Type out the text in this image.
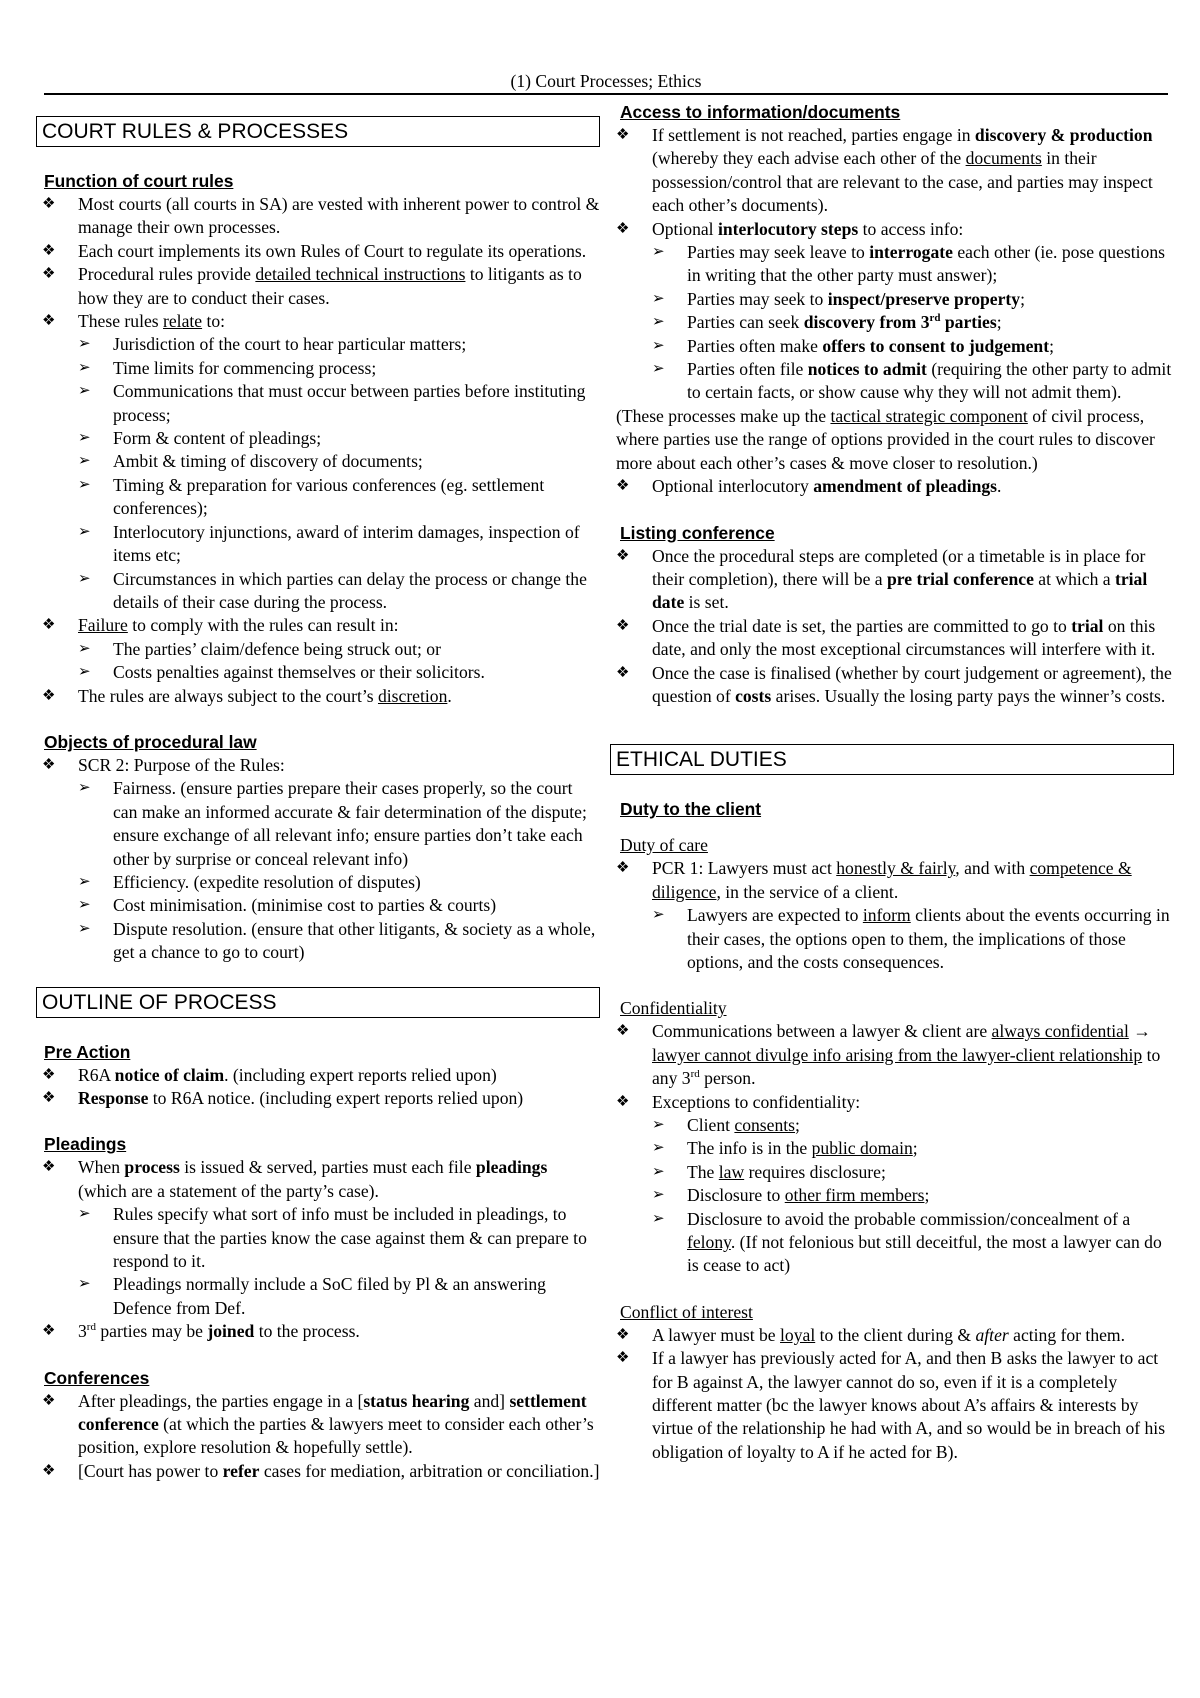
(1) Court Processes; Ethics
COURT RULES & PROCESSES
Function of court rules
❖ Most courts (all courts in SA) are vested with inherent power to control & manage their own processes.
❖ Each court implements its own Rules of Court to regulate its operations.
❖ Procedural rules provide detailed technical instructions to litigants as to how they are to conduct their cases.
❖ These rules relate to:
➢ Jurisdiction of the court to hear particular matters;
➢ Time limits for commencing process;
➢ Communications that must occur between parties before instituting process;
➢ Form & content of pleadings;
➢ Ambit & timing of discovery of documents;
➢ Timing & preparation for various conferences (eg. settlement conferences);
➢ Interlocutory injunctions, award of interim damages, inspection of items etc;
➢ Circumstances in which parties can delay the process or change the details of their case during the process.
❖ Failure to comply with the rules can result in:
➢ The parties’ claim/defence being struck out; or
➢ Costs penalties against themselves or their solicitors.
❖ The rules are always subject to the court’s discretion.
Objects of procedural law
❖ SCR 2: Purpose of the Rules:
➢ Fairness. (ensure parties prepare their cases properly, so the court can make an informed accurate & fair determination of the dispute; ensure exchange of all relevant info; ensure parties don’t take each other by surprise or conceal relevant info)
➢ Efficiency. (expedite resolution of disputes)
➢ Cost minimisation. (minimise cost to parties & courts)
➢ Dispute resolution. (ensure that other litigants, & society as a whole, get a chance to go to court)
OUTLINE OF PROCESS
Pre Action
❖ R6A notice of claim. (including expert reports relied upon)
❖ Response to R6A notice. (including expert reports relied upon)
Pleadings
❖ When process is issued & served, parties must each file pleadings (which are a statement of the party’s case).
➢ Rules specify what sort of info must be included in pleadings, to ensure that the parties know the case against them & can prepare to respond to it.
➢ Pleadings normally include a SoC filed by Pl & an answering Defence from Def.
❖ 3rd parties may be joined to the process.
Conferences
❖ After pleadings, the parties engage in a [status hearing and] settlement conference (at which the parties & lawyers meet to consider each other’s position, explore resolution & hopefully settle).
❖ [Court has power to refer cases for mediation, arbitration or conciliation.]
Access to information/documents
❖ If settlement is not reached, parties engage in discovery & production (whereby they each advise each other of the documents in their possession/control that are relevant to the case, and parties may inspect each other’s documents).
❖ Optional interlocutory steps to access info:
➢ Parties may seek leave to interrogate each other (ie. pose questions in writing that the other party must answer);
➢ Parties may seek to inspect/preserve property;
➢ Parties can seek discovery from 3rd parties;
➢ Parties often make offers to consent to judgement;
➢ Parties often file notices to admit (requiring the other party to admit to certain facts, or show cause why they will not admit them).
(These processes make up the tactical strategic component of civil process, where parties use the range of options provided in the court rules to discover more about each other’s cases & move closer to resolution.)
❖ Optional interlocutory amendment of pleadings.
Listing conference
❖ Once the procedural steps are completed (or a timetable is in place for their completion), there will be a pre trial conference at which a trial date is set.
❖ Once the trial date is set, the parties are committed to go to trial on this date, and only the most exceptional circumstances will interfere with it.
❖ Once the case is finalised (whether by court judgement or agreement), the question of costs arises. Usually the losing party pays the winner’s costs.
ETHICAL DUTIES
Duty to the client
Duty of care
❖ PCR 1: Lawyers must act honestly & fairly, and with competence & diligence, in the service of a client.
➢ Lawyers are expected to inform clients about the events occurring in their cases, the options open to them, the implications of those options, and the costs consequences.
Confidentiality
❖ Communications between a lawyer & client are always confidential → lawyer cannot divulge info arising from the lawyer-client relationship to any 3rd person.
❖ Exceptions to confidentiality:
➢ Client consents;
➢ The info is in the public domain;
➢ The law requires disclosure;
➢ Disclosure to other firm members;
➢ Disclosure to avoid the probable commission/concealment of a felony. (If not felonious but still deceitful, the most a lawyer can do is cease to act)
Conflict of interest
❖ A lawyer must be loyal to the client during & after acting for them.
❖ If a lawyer has previously acted for A, and then B asks the lawyer to act for B against A, the lawyer cannot do so, even if it is a completely different matter (bc the lawyer knows about A’s affairs & interests by virtue of the relationship he had with A, and so would be in breach of his obligation of loyalty to A if he acted for B).
